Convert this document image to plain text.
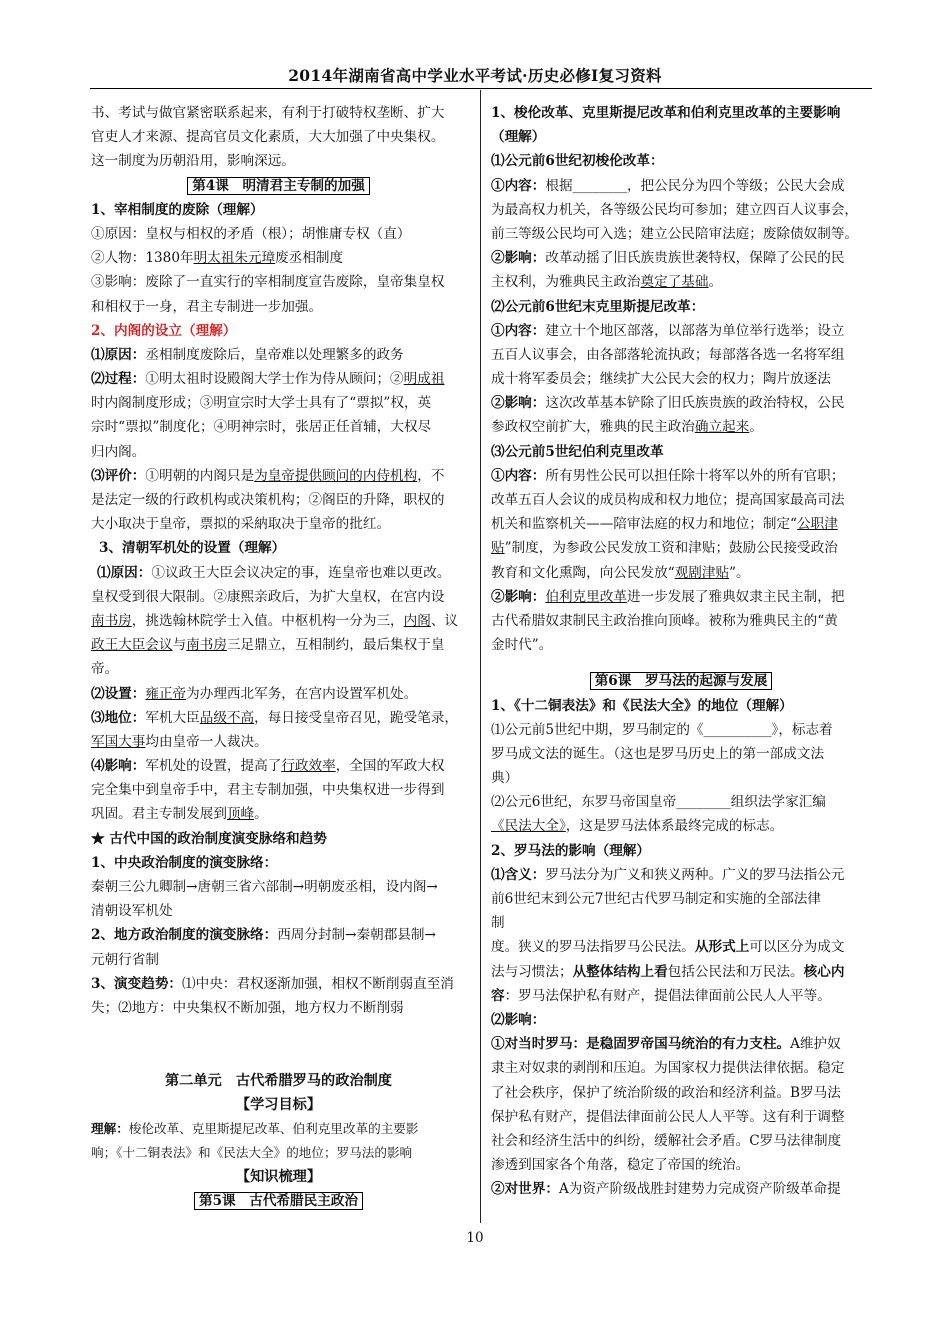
2014年湖南省高中学业水平考试·历史必修Ⅰ复习资料
书、考试与做官紧密联系起来，有利于打破特权垄断、扩大
官吏人才来源、提高官员文化素质，大大加强了中央集权。
这一制度为历朝沿用，影响深远。
第4课　明清君主专制的加强
1、宰相制度的废除（理解）
①原因：皇权与相权的矛盾（根）；胡惟庸专权（直）
②人物：1380年明太祖朱元璋废丞相制度
③影响：废除了一直实行的宰相制度宣告废除，皇帝集皇权
和相权于一身，君主专制进一步加强。
2、内阁的设立（理解）
⑴原因：丞相制度废除后，皇帝难以处理繁多的政务
⑵过程：①明太祖时设殿阁大学士作为侍从顾问；②明成祖
时内阁制度形成；③明宣宗时大学士具有了“票拟”权，英
宗时“票拟”制度化；④明神宗时，张居正任首辅，大权尽
归内阁。
⑶评价：①明朝的内阁只是为皇帝提供顾问的内侍机构，不
是法定一级的行政机构或决策机构；②阁臣的升降，职权的
大小取决于皇帝，票拟的采納取决于皇帝的批红。
3、清朝军机处的设置（理解）
⑴原因：①议政王大臣会议决定的事，连皇帝也难以更改。
皇权受到很大限制。②康熙亲政后，为扩大皇权，在宫内设
南书房，挑选翰林院学士入值。中枢机构一分为三，内阁、议
政王大臣会议与南书房三足鼎立，互相制约，最后集权于皇
帝。
⑵设置：雍正帝为办理西北军务，在宫内设置军机处。
⑶地位：军机大臣品级不高，每日接受皇帝召见，跪受笔录，
军国大事均由皇帝一人裁决。
⑷影响：军机处的设置，提高了行政效率，全国的军政大权
完全集中到皇帝手中，君主专制加强，中央集权进一步得到
巩固。君主专制发展到顶峰。
★ 古代中国的政治制度演变脉络和趋势
1、中央政治制度的演变脉络：
秦朝三公九卿制→唐朝三省六部制→明朝废丞相，设内阁→
清朝设军机处
2、地方政治制度的演变脉络：西周分封制→秦朝郡县制→
元朝行省制
3、演变趋势：⑴中央：君权逐渐加强，相权不断削弱直至消
失；⑵地方：中央集权不断加强，地方权力不断削弱
第二单元　古代希腊罗马的政治制度
【学习目标】
理解：梭伦改革、克里斯提尼改革、伯利克里改革的主要影
响；《十二铜表法》和《民法大全》的地位；罗马法的影响
【知识梳理】
第5课　古代希腊民主政治
1、梭伦改革、克里斯提尼改革和伯利克里改革的主要影响
（理解）
⑴公元前6世纪初梭伦改革：
①内容：根据________，把公民分为四个等级；公民大会成
为最高权力机关，各等级公民均可参加；建立四百人议事会，
前三等级公民均可入选；建立公民陪审法庭；废除债奴制等。
②影响：改革动摇了旧氏族贵族世袭特权，保障了公民的民
主权利，为雅典民主政治奠定了基础。
⑵公元前6世纪末克里斯提尼改革：
①内容：建立十个地区部落，以部落为单位举行选举；设立
五百人议事会，由各部落轮流执政；每部落各选一名将军组
成十将军委员会；继续扩大公民大会的权力；陶片放逐法
②影响：这次改革基本铲除了旧氏族贵族的政治特权，公民
参政权空前扩大，雅典的民主政治确立起来。
⑶公元前5世纪伯利克里改革
①内容：所有男性公民可以担任除十将军以外的所有官职；
改革五百人会议的成员构成和权力地位；提高国家最高司法
机关和监察机关——陪审法庭的权力和地位；制定“公职津
贴”制度，为参政公民发放工资和津贴；鼓励公民接受政治
教育和文化熏陶，向公民发放“观剧津贴”。
②影响：伯利克里改革进一步发展了雅典奴隶主民主制，把
古代希腊奴隶制民主政治推向顶峰。被称为雅典民主的“黄
金时代”。
第6课　罗马法的起源与发展
1、《十二铜表法》和《民法大全》的地位（理解）
⑴公元前5世纪中期，罗马制定的《__________》，标志着
罗马成文法的诞生。（这也是罗马历史上的第一部成文法
典）
⑵公元6世纪，东罗马帝国皇帝________组织法学家汇编
《民法大全》，这是罗马法体系最终完成的标志。
2、罗马法的影响（理解）
⑴含义：罗马法分为广义和狭义两种。广义的罗马法指公元
前6世纪末到公元7世纪古代罗马制定和实施的全部法律
制
度。狭义的罗马法指罗马公民法。从形式上可以区分为成文
法与习惯法；从整体结构上看包括公民法和万民法。核心内
容：罗马法保护私有财产，提倡法律面前公民人人平等。
⑵影响：
①对当时罗马：是稳固罗帝国马统治的有力支柱。A维护奴
隶主对奴隶的剥削和压迫。为国家权力提供法律依据。稳定
了社会秩序，保护了统治阶级的政治和经济利益。B罗马法
保护私有财产，提倡法律面前公民人人平等。这有利于调整
社会和经济生活中的纠纷，缓解社会矛盾。C罗马法律制度
渗透到国家各个角落，稳定了帝国的统治。
②对世界：A为资产阶级战胜封建势力完成资产阶级革命提
10
